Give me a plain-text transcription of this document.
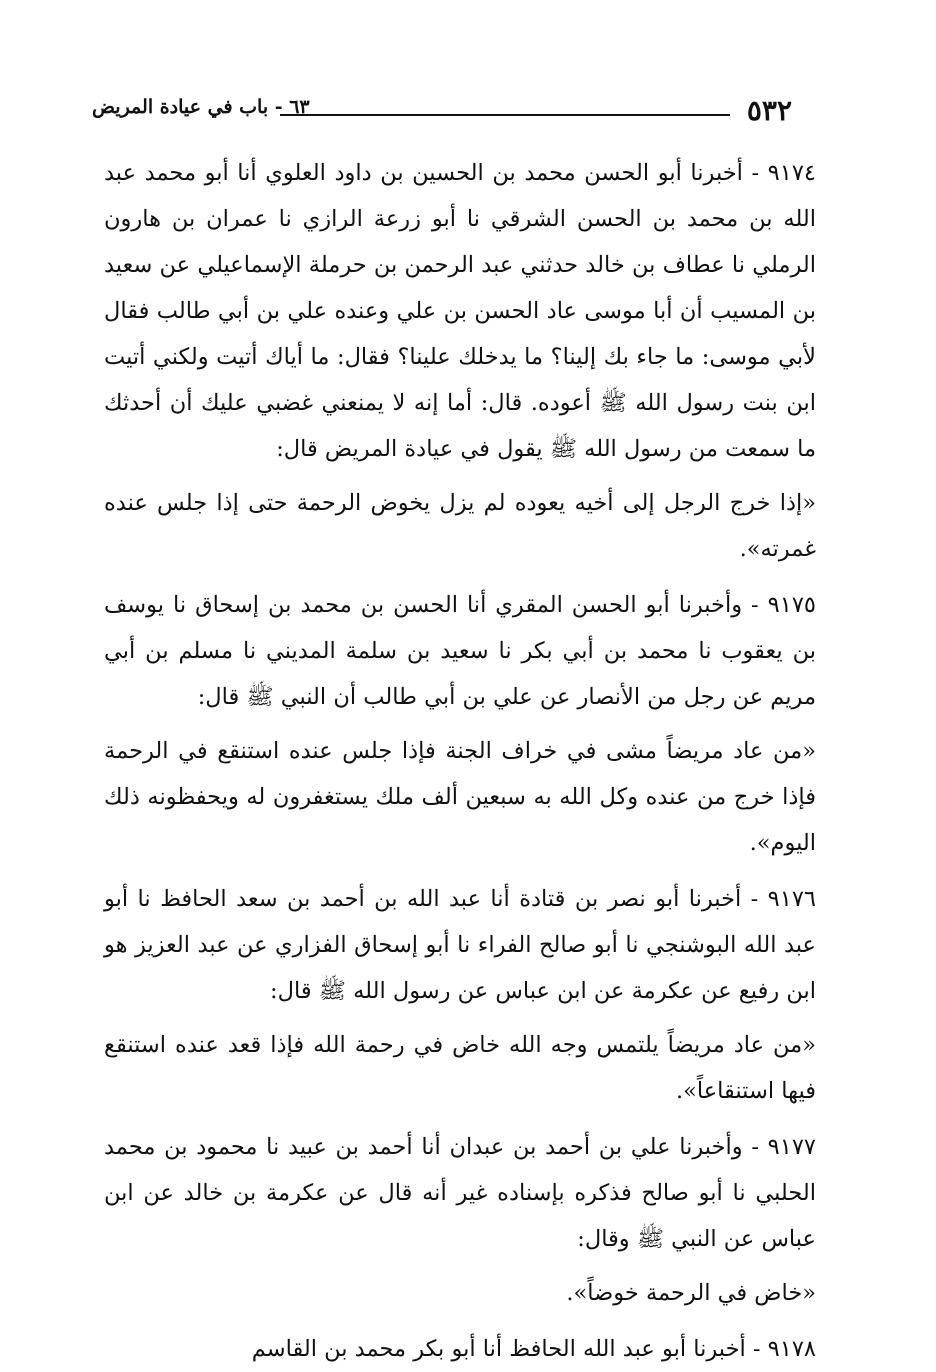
٥٣٢
٦٣ - باب في عيادة المريض

٩١٧٤ - أخبرنا أبو الحسن محمد بن الحسين بن داود العلوي أنا أبو محمد عبد الله بن محمد بن الحسن الشرقي نا أبو زرعة الرازي نا عمران بن هارون الرملي نا عطاف بن خالد حدثني عبد الرحمن بن حرملة الإسماعيلي عن سعيد بن المسيب أن أبا موسى عاد الحسن بن علي وعنده علي بن أبي طالب فقال لأبي موسى: ما جاء بك إلينا؟ ما يدخلك علينا؟ فقال: ما أياك أتيت ولكني أتيت ابن بنت رسول الله ﷺ أعوده. قال: أما إنه لا يمنعني غضبي عليك أن أحدثك ما سمعت من رسول الله ﷺ يقول في عيادة المريض قال:

«إذا خرج الرجل إلى أخيه يعوده لم يزل يخوض الرحمة حتى إذا جلس عنده غمرته».

٩١٧٥ - وأخبرنا أبو الحسن المقري أنا الحسن بن محمد بن إسحاق نا يوسف بن يعقوب نا محمد بن أبي بكر نا سعيد بن سلمة المديني نا مسلم بن أبي مريم عن رجل من الأنصار عن علي بن أبي طالب أن النبي ﷺ قال:

«من عاد مريضاً مشى في خراف الجنة فإذا جلس عنده استنقع في الرحمة فإذا خرج من عنده وكل الله به سبعين ألف ملك يستغفرون له ويحفظونه ذلك اليوم».

٩١٧٦ - أخبرنا أبو نصر بن قتادة أنا عبد الله بن أحمد بن سعد الحافظ نا أبو عبد الله البوشنجي نا أبو صالح الفراء نا أبو إسحاق الفزاري عن عبد العزيز هو ابن رفيع عن عكرمة عن ابن عباس عن رسول الله ﷺ قال:

«من عاد مريضاً يلتمس وجه الله خاض في رحمة الله فإذا قعد عنده استنقع فيها استنقاعاً».

٩١٧٧ - وأخبرنا علي بن أحمد بن عبدان أنا أحمد بن عبيد نا محمود بن محمد الحلبي نا أبو صالح فذكره بإسناده غير أنه قال عن عكرمة بن خالد عن ابن عباس عن النبي ﷺ وقال:

«خاض في الرحمة خوضاً».

٩١٧٨ - أخبرنا أبو عبد الله الحافظ أنا أبو بكر محمد بن القاسم
